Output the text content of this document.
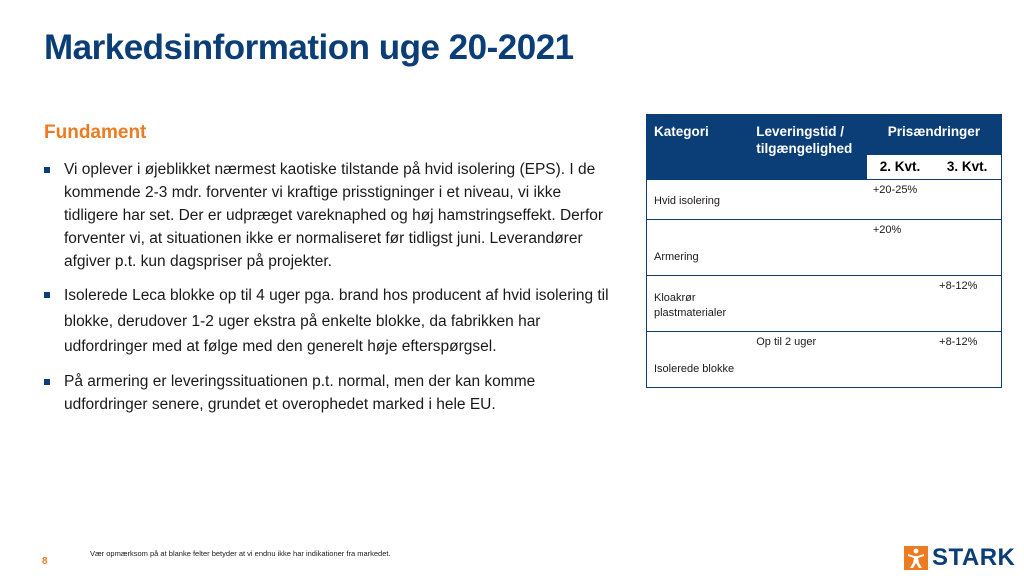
Markedsinformation uge 20-2021
Fundament
Vi oplever i øjeblikket nærmest kaotiske tilstande på hvid isolering (EPS). I de kommende 2-3 mdr. forventer vi kraftige prisstigninger i et niveau, vi ikke tidligere har set. Der er udpræget vareknaphed og høj hamstringseffekt. Derfor forventer vi, at situationen ikke er normaliseret før tidligst juni. Leverandører afgiver p.t. kun dagspriser på projekter.
Isolerede Leca blokke op til 4 uger pga. brand hos producent af hvid isolering til blokke, derudover 1-2 uger ekstra på enkelte blokke, da fabrikken har udfordringer med at følge med den generelt høje efterspørgsel.
På armering er leveringssituationen p.t. normal, men der kan komme udfordringer senere, grundet et overophedet marked i hele EU.
Kategori	Leveringstid / tilgængelighed	Prisændringer	
		2. Kvt.	3. Kvt.

Hvid isolering		+20-25%	

Armering		+20%	

Kloakrør plastmaterialer			+8-12%

Isolerede blokke	Op til 2 uger		+8-12%
8
Vær opmærksom på at blanke felter betyder at vi endnu ikke har indikationer fra markedet.	STARK
